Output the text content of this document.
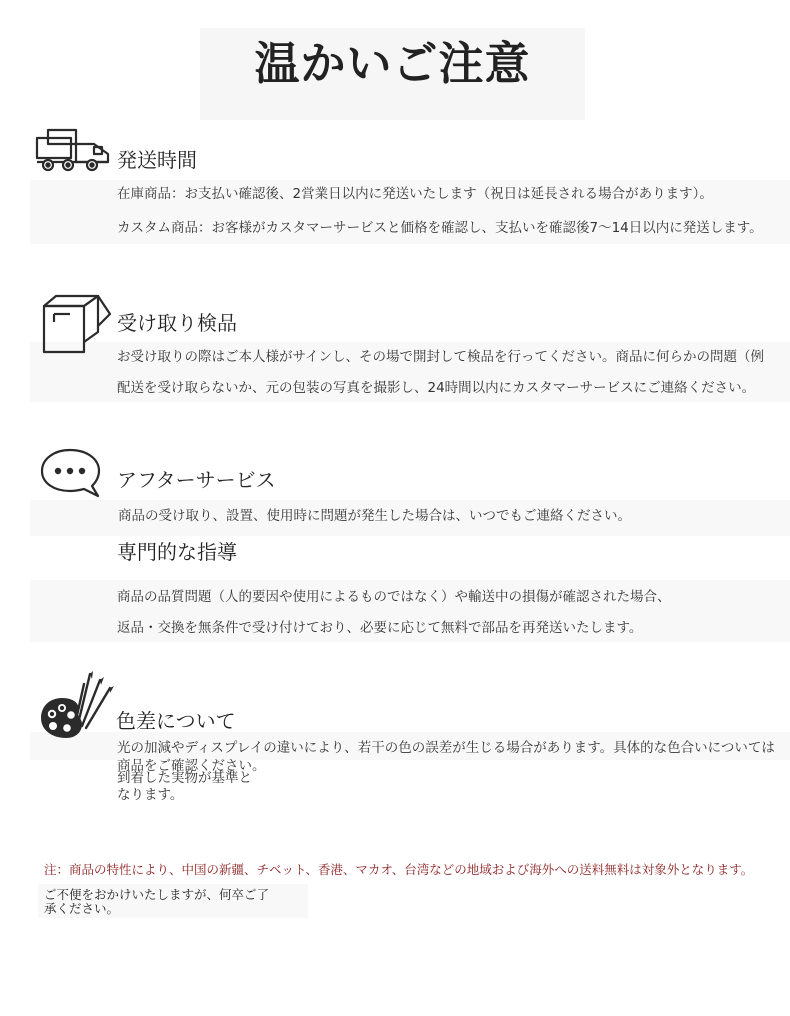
温かいご注意
発送時間
在庫商品：お支払い確認後、2営業日以内に発送いたします（祝日は延長される場合があります）。
カスタム商品：お客様がカスタマーサービスと価格を確認し、支払いを確認後7〜14日以内に発送します。
受け取り検品
お受け取りの際はご本人様がサインし、その場で開封して検品を行ってください。商品に何らかの問題（例
配送を受け取らないか、元の包装の写真を撮影し、24時間以内にカスタマーサービスにご連絡ください。
アフターサービス
商品の受け取り、設置、使用時に問題が発生した場合は、いつでもご連絡ください。
専門的な指導
商品の品質問題（人的要因や使用によるものではなく）や輸送中の損傷が確認された場合、
返品・交換を無条件で受け付けており、必要に応じて無料で部品を再発送いたします。
色差について
光の加減やディスプレイの違いにより、若干の色の誤差が生じる場合があります。具体的な色合いについては
商品をご確認ください。
到着した実物が基準と
なります。
注：商品の特性により、中国の新疆、チベット、香港、マカオ、台湾などの地域および海外への送料無料は対象外となります。
ご不便をおかけいたしますが、何卒ご了
承ください。
